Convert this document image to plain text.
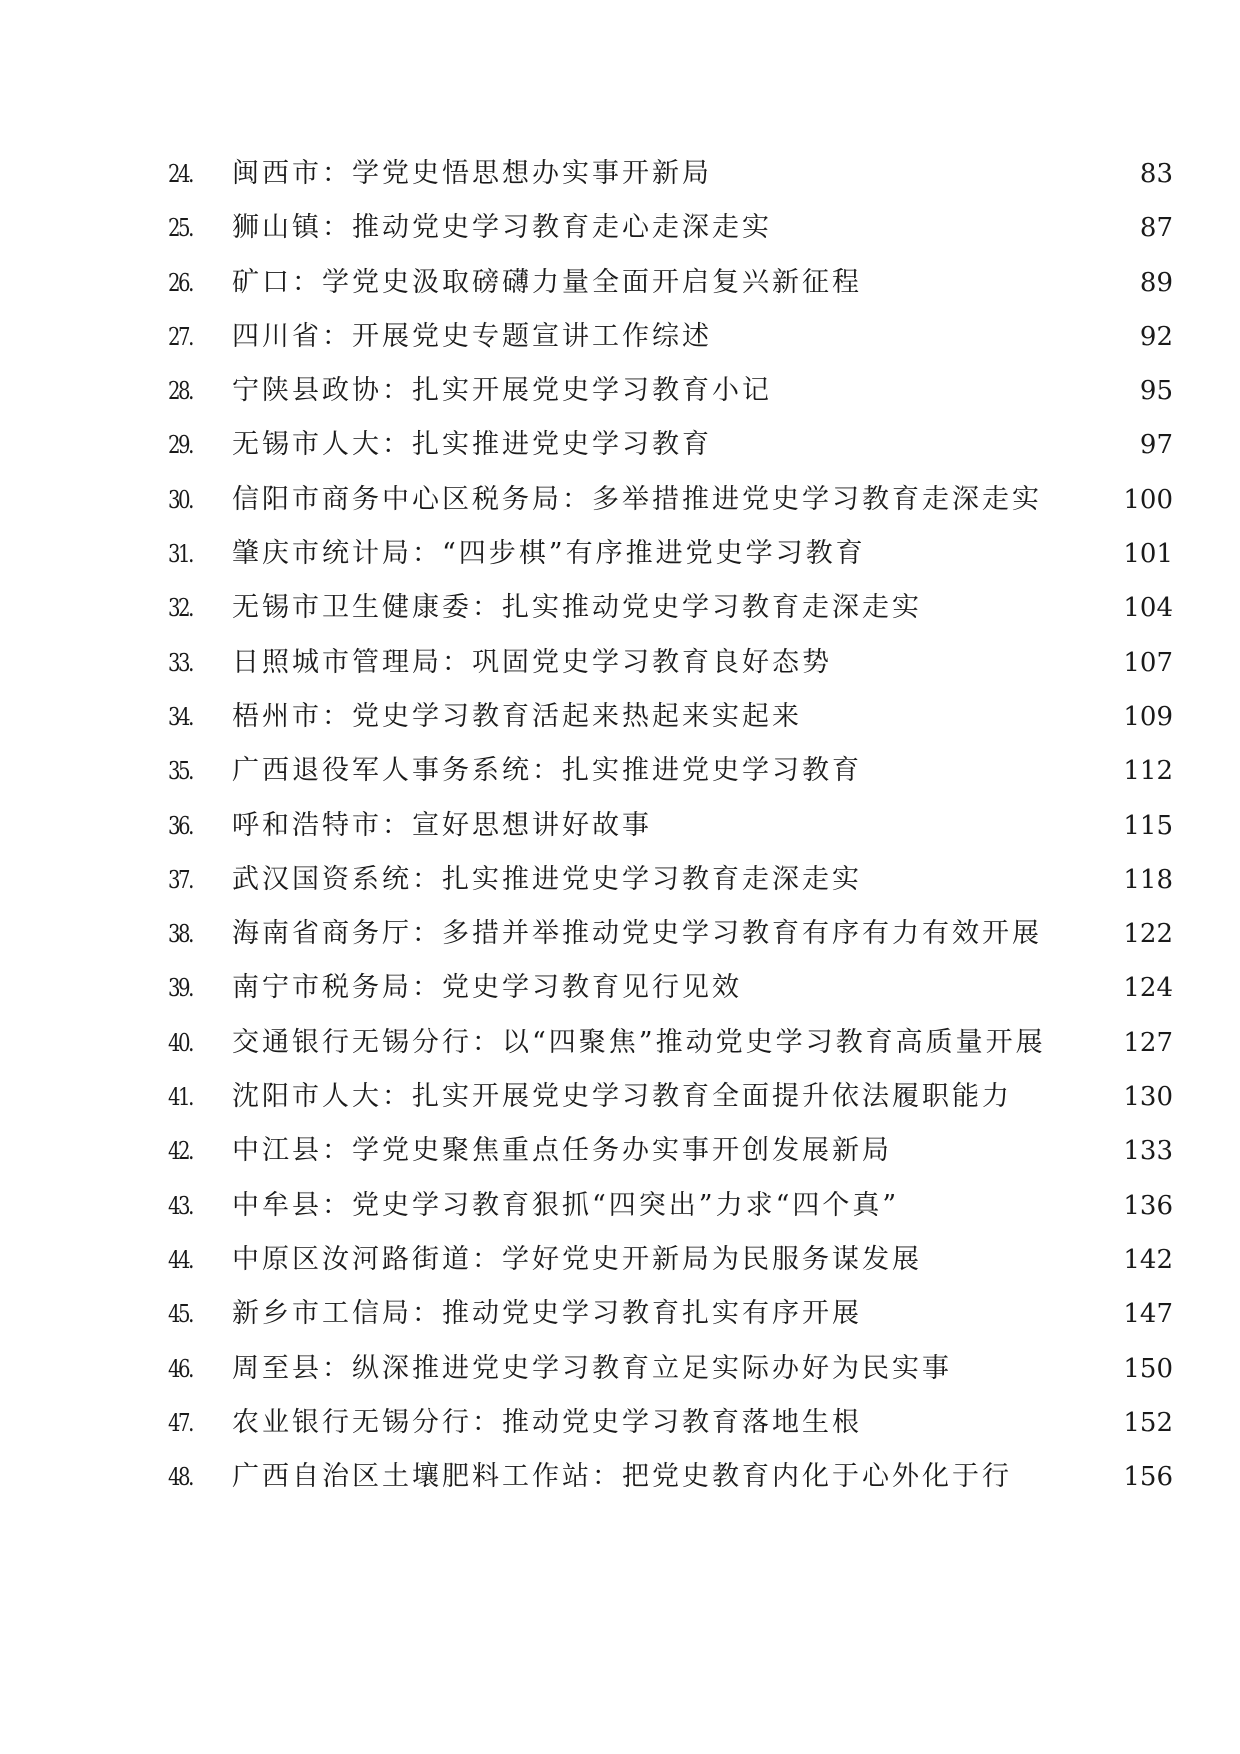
24. 闽西市：学党史悟思想办实事开新局	83
25. 狮山镇：推动党史学习教育走心走深走实	87
26. 矿口：学党史汲取磅礴力量全面开启复兴新征程	89
27. 四川省：开展党史专题宣讲工作综述	92
28. 宁陕县政协：扎实开展党史学习教育小记	95
29. 无锡市人大：扎实推进党史学习教育	97
30. 信阳市商务中心区税务局：多举措推进党史学习教育走深走实	100
31. 肇庆市统计局：“四步棋”有序推进党史学习教育	101
32. 无锡市卫生健康委：扎实推动党史学习教育走深走实	104
33. 日照城市管理局：巩固党史学习教育良好态势	107
34. 梧州市：党史学习教育活起来热起来实起来	109
35. 广西退役军人事务系统：扎实推进党史学习教育	112
36. 呼和浩特市：宣好思想讲好故事	115
37. 武汉国资系统：扎实推进党史学习教育走深走实	118
38. 海南省商务厅：多措并举推动党史学习教育有序有力有效开展	122
39. 南宁市税务局：党史学习教育见行见效	124
40. 交通银行无锡分行：以“四聚焦”推动党史学习教育高质量开展	127
41. 沈阳市人大：扎实开展党史学习教育全面提升依法履职能力	130
42. 中江县：学党史聚焦重点任务办实事开创发展新局	133
43. 中牟县：党史学习教育狠抓“四突出”力求“四个真”	136
44. 中原区汝河路街道：学好党史开新局为民服务谋发展	142
45. 新乡市工信局：推动党史学习教育扎实有序开展	147
46. 周至县：纵深推进党史学习教育立足实际办好为民实事	150
47. 农业银行无锡分行：推动党史学习教育落地生根	152
48. 广西自治区土壤肥料工作站：把党史教育内化于心外化于行	156
